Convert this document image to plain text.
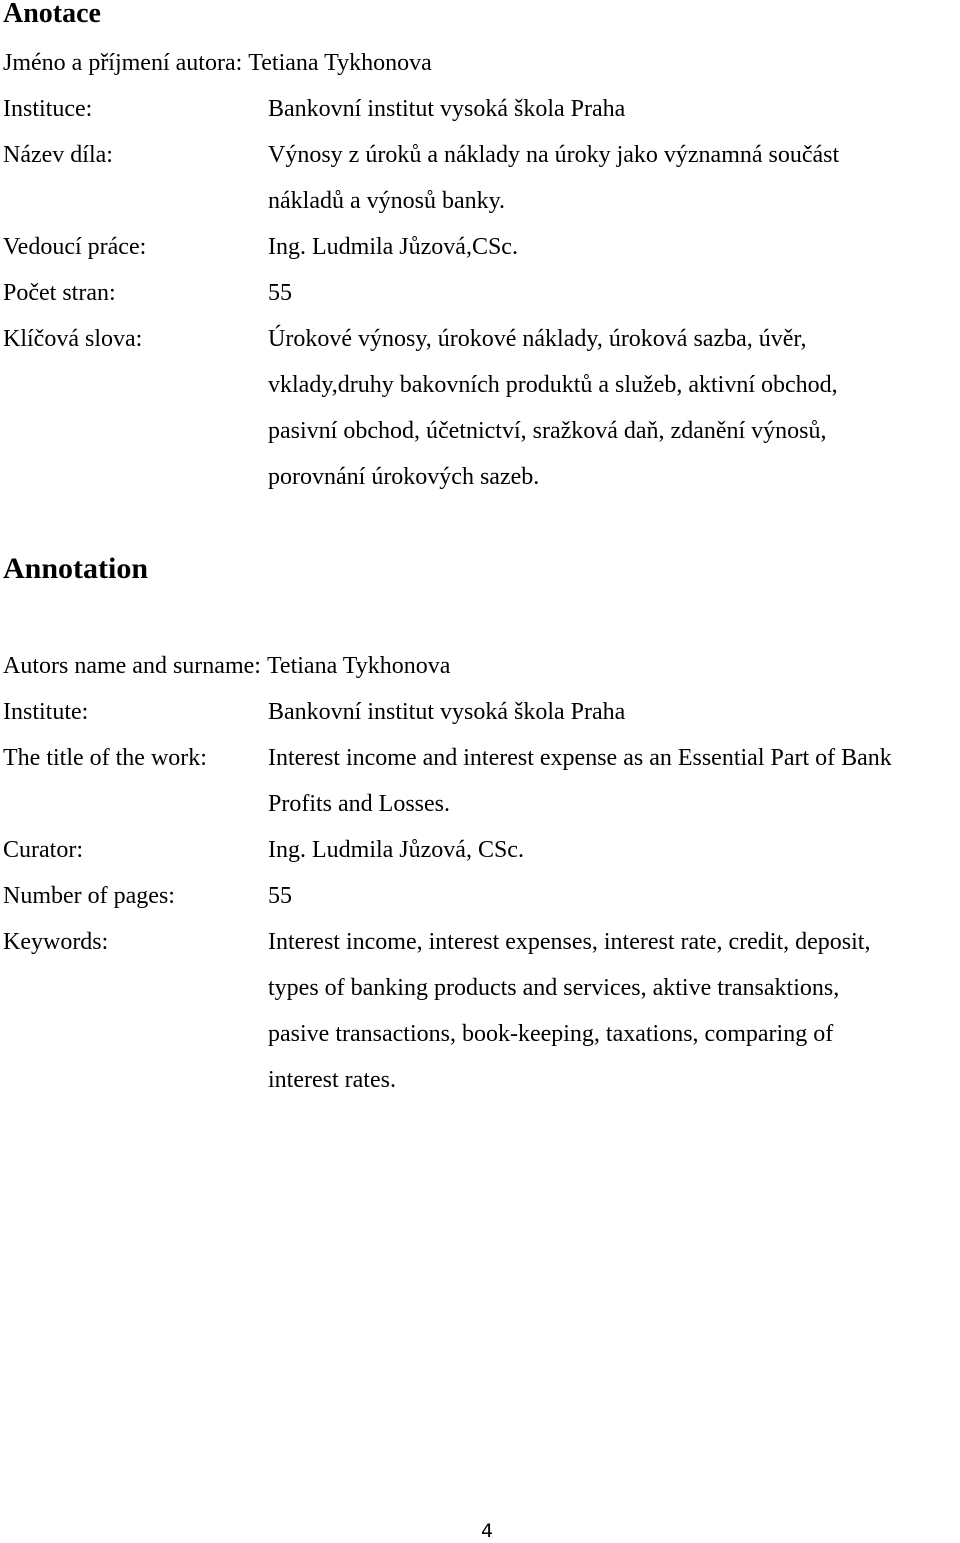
Anotace
Jméno a příjmení autora: Tetiana Tykhonova
Instituce:	Bankovní institut vysoká škola Praha
Název díla:	Výnosy z úroků a náklady na úroky jako významná součást
nákladů a výnosů banky.
Vedoucí práce:	Ing. Ludmila Jůzová,CSc.
Počet stran:	55
Klíčová slova:	Úrokové výnosy, úrokové náklady, úroková sazba, úvěr,
vklady,druhy bakovních produktů a služeb, aktivní obchod,
pasivní obchod, účetnictví, sražková daň, zdanění výnosů,
porovnání úrokových sazeb.
Annotation
Autors name and surname: Tetiana Tykhonova
Institute:	Bankovní institut vysoká škola Praha
The title of the work:	Interest income and interest expense as an Essential Part of Bank
Profits and Losses.
Curator:	Ing. Ludmila Jůzová, CSc.
Number of pages:	55
Keywords:	Interest income, interest expenses, interest rate, credit, deposit,
types of banking products and services, aktive transaktions,
pasive transactions, book-keeping, taxations, comparing of
interest rates.
4
